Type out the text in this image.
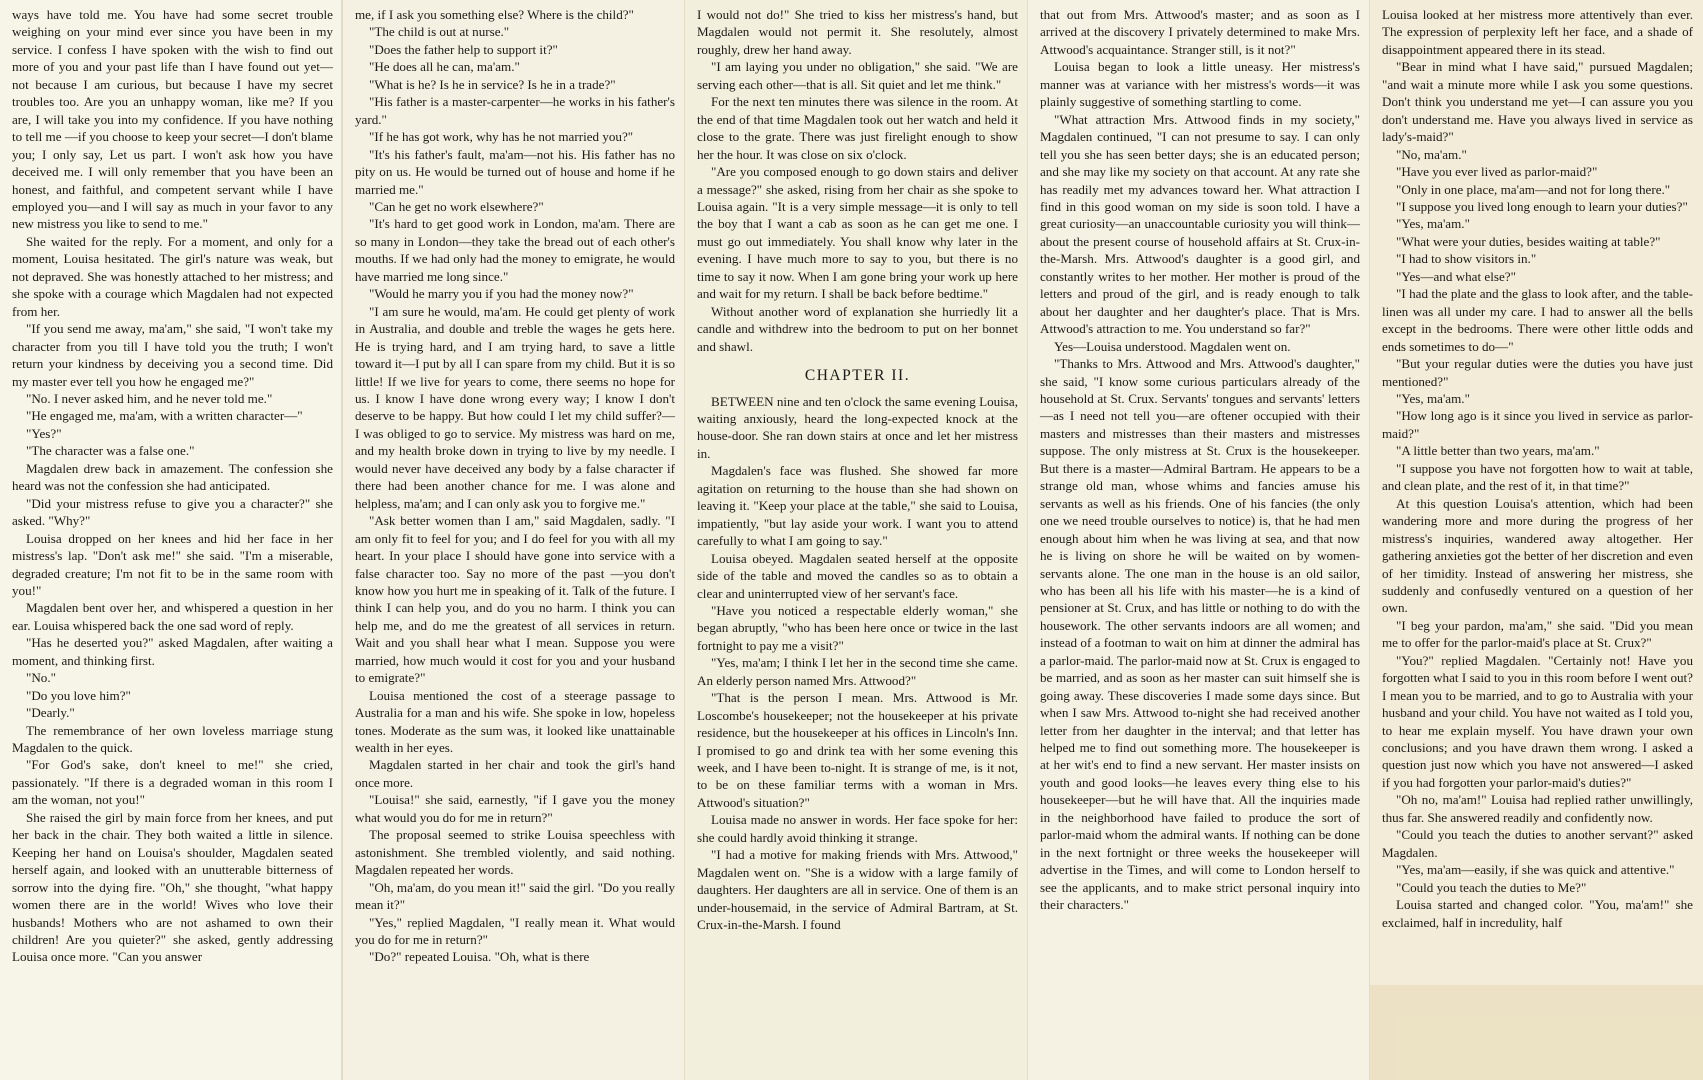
ways have told me. You have had some secret trouble weighing on your mind ever since you have been in my service. I confess I have spoken with the wish to find out more of you and your past life than I have found out yet— not because I am curious, but because I have my secret troubles too. Are you an unhappy woman, like me? If you are, I will take you into my confidence. If you have nothing to tell me —if you choose to keep your secret—I don't blame you; I only say, Let us part. I won't ask how you have deceived me. I will only remember that you have been an honest, and faithful, and competent servant while I have employed you—and I will say as much in your favor to any new mistress you like to send to me."

She waited for the reply. For a moment, and only for a moment, Louisa hesitated. The girl's nature was weak, but not depraved. She was honestly attached to her mistress; and she spoke with a courage which Magdalen had not expected from her.

"If you send me away, ma'am," she said, "I won't take my character from you till I have told you the truth; I won't return your kindness by deceiving you a second time. Did my master ever tell you how he engaged me?"

"No. I never asked him, and he never told me."

"He engaged me, ma'am, with a written character—"

"Yes?"

"The character was a false one."

Magdalen drew back in amazement. The confession she heard was not the confession she had anticipated.

"Did your mistress refuse to give you a character?" she asked. "Why?"

Louisa dropped on her knees and hid her face in her mistress's lap. "Don't ask me!" she said. "I'm a miserable, degraded creature; I'm not fit to be in the same room with you!"

Magdalen bent over her, and whispered a question in her ear. Louisa whispered back the one sad word of reply.

"Has he deserted you?" asked Magdalen, after waiting a moment, and thinking first.

"No."

"Do you love him?"

"Dearly."

The remembrance of her own loveless marriage stung Magdalen to the quick.

"For God's sake, don't kneel to me!" she cried, passionately. "If there is a degraded woman in this room I am the woman, not you!"

She raised the girl by main force from her knees, and put her back in the chair. They both waited a little in silence. Keeping her hand on Louisa's shoulder, Magdalen seated herself again, and looked with an unutterable bitterness of sorrow into the dying fire. "Oh," she thought, "what happy women there are in the world! Wives who love their husbands! Mothers who are not ashamed to own their children! Are you quieter?" she asked, gently addressing Louisa once more. "Can you answer

me, if I ask you something else? Where is the child?"

"The child is out at nurse."

"Does the father help to support it?"

"He does all he can, ma'am."

"What is he? Is he in service? Is he in a trade?"

"His father is a master-carpenter—he works in his father's yard."

"If he has got work, why has he not married you?"

"It's his father's fault, ma'am—not his. His father has no pity on us. He would be turned out of house and home if he married me."

"Can he get no work elsewhere?"

"It's hard to get good work in London, ma'am. There are so many in London—they take the bread out of each other's mouths. If we had only had the money to emigrate, he would have married me long since."

"Would he marry you if you had the money now?"

"I am sure he would, ma'am. He could get plenty of work in Australia, and double and treble the wages he gets here. He is trying hard, and I am trying hard, to save a little toward it—I put by all I can spare from my child. But it is so little! If we live for years to come, there seems no hope for us. I know I have done wrong every way; I know I don't deserve to be happy. But how could I let my child suffer?— I was obliged to go to service. My mistress was hard on me, and my health broke down in trying to live by my needle. I would never have deceived any body by a false character if there had been another chance for me. I was alone and helpless, ma'am; and I can only ask you to forgive me."

"Ask better women than I am," said Magdalen, sadly. "I am only fit to feel for you; and I do feel for you with all my heart. In your place I should have gone into service with a false character too. Say no more of the past —you don't know how you hurt me in speaking of it. Talk of the future. I think I can help you, and do you no harm. I think you can help me, and do me the greatest of all services in return. Wait and you shall hear what I mean. Suppose you were married, how much would it cost for you and your husband to emigrate?"

Louisa mentioned the cost of a steerage passage to Australia for a man and his wife. She spoke in low, hopeless tones. Moderate as the sum was, it looked like unattainable wealth in her eyes.

Magdalen started in her chair and took the girl's hand once more.

"Louisa!" she said, earnestly, "if I gave you the money what would you do for me in return?"

The proposal seemed to strike Louisa speechless with astonishment. She trembled violently, and said nothing. Magdalen repeated her words.

"Oh, ma'am, do you mean it!" said the girl. "Do you really mean it?"

"Yes," replied Magdalen, "I really mean it. What would you do for me in return?"

"Do?" repeated Louisa. "Oh, what is there

I would not do!" She tried to kiss her mistress's hand, but Magdalen would not permit it. She resolutely, almost roughly, drew her hand away.

"I am laying you under no obligation," she said. "We are serving each other—that is all. Sit quiet and let me think."

For the next ten minutes there was silence in the room. At the end of that time Magdalen took out her watch and held it close to the grate. There was just firelight enough to show her the hour. It was close on six o'clock.

"Are you composed enough to go down stairs and deliver a message?" she asked, rising from her chair as she spoke to Louisa again. "It is a very simple message—it is only to tell the boy that I want a cab as soon as he can get me one. I must go out immediately. You shall know why later in the evening. I have much more to say to you, but there is no time to say it now. When I am gone bring your work up here and wait for my return. I shall be back before bedtime."

Without another word of explanation she hurriedly lit a candle and withdrew into the bedroom to put on her bonnet and shawl.

CHAPTER II.

BETWEEN nine and ten o'clock the same evening Louisa, waiting anxiously, heard the long-expected knock at the house-door. She ran down stairs at once and let her mistress in.

Magdalen's face was flushed. She showed far more agitation on returning to the house than she had shown on leaving it. "Keep your place at the table," she said to Louisa, impatiently, "but lay aside your work. I want you to attend carefully to what I am going to say."

Louisa obeyed. Magdalen seated herself at the opposite side of the table and moved the candles so as to obtain a clear and uninterrupted view of her servant's face.

"Have you noticed a respectable elderly woman," she began abruptly, "who has been here once or twice in the last fortnight to pay me a visit?"

"Yes, ma'am; I think I let her in the second time she came. An elderly person named Mrs. Attwood?"

"That is the person I mean. Mrs. Attwood is Mr. Loscombe's housekeeper; not the housekeeper at his private residence, but the housekeeper at his offices in Lincoln's Inn. I promised to go and drink tea with her some evening this week, and I have been to-night. It is strange of me, is it not, to be on these familiar terms with a woman in Mrs. Attwood's situation?"

Louisa made no answer in words. Her face spoke for her: she could hardly avoid thinking it strange.

"I had a motive for making friends with Mrs. Attwood," Magdalen went on. "She is a widow with a large family of daughters. Her daughters are all in service. One of them is an under-housemaid, in the service of Admiral Bartram, at St. Crux-in-the-Marsh. I found

that out from Mrs. Attwood's master; and as soon as I arrived at the discovery I privately determined to make Mrs. Attwood's acquaintance. Stranger still, is it not?"

Louisa began to look a little uneasy. Her mistress's manner was at variance with her mistress's words—it was plainly suggestive of something startling to come.

"What attraction Mrs. Attwood finds in my society," Magdalen continued, "I can not presume to say. I can only tell you she has seen better days; she is an educated person; and she may like my society on that account. At any rate she has readily met my advances toward her. What attraction I find in this good woman on my side is soon told. I have a great curiosity—an unaccountable curiosity you will think—about the present course of household affairs at St. Crux-in-the-Marsh. Mrs. Attwood's daughter is a good girl, and constantly writes to her mother. Her mother is proud of the letters and proud of the girl, and is ready enough to talk about her daughter and her daughter's place. That is Mrs. Attwood's attraction to me. You understand so far?"

Yes—Louisa understood. Magdalen went on.

"Thanks to Mrs. Attwood and Mrs. Attwood's daughter," she said, "I know some curious particulars already of the household at St. Crux. Servants' tongues and servants' letters —as I need not tell you—are oftener occupied with their masters and mistresses than their masters and mistresses suppose. The only mistress at St. Crux is the housekeeper. But there is a master—Admiral Bartram. He appears to be a strange old man, whose whims and fancies amuse his servants as well as his friends. One of his fancies (the only one we need trouble ourselves to notice) is, that he had men enough about him when he was living at sea, and that now he is living on shore he will be waited on by women-servants alone. The one man in the house is an old sailor, who has been all his life with his master—he is a kind of pensioner at St. Crux, and has little or nothing to do with the housework. The other servants indoors are all women; and instead of a footman to wait on him at dinner the admiral has a parlor-maid. The parlor-maid now at St. Crux is engaged to be married, and as soon as her master can suit himself she is going away. These discoveries I made some days since. But when I saw Mrs. Attwood to-night she had received another letter from her daughter in the interval; and that letter has helped me to find out something more. The housekeeper is at her wit's end to find a new servant. Her master insists on youth and good looks—he leaves every thing else to his housekeeper—but he will have that. All the inquiries made in the neighborhood have failed to produce the sort of parlor-maid whom the admiral wants. If nothing can be done in the next fortnight or three weeks the housekeeper will advertise in the Times, and will come to London herself to see the applicants, and to make strict personal inquiry into their characters."

Louisa looked at her mistress more attentively than ever. The expression of perplexity left her face, and a shade of disappointment appeared there in its stead.

"Bear in mind what I have said," pursued Magdalen; "and wait a minute more while I ask you some questions. Don't think you understand me yet—I can assure you you don't understand me. Have you always lived in service as lady's-maid?"

"No, ma'am."

"Have you ever lived as parlor-maid?"

"Only in one place, ma'am—and not for long there."

"I suppose you lived long enough to learn your duties?"

"Yes, ma'am."

"What were your duties, besides waiting at table?"

"I had to show visitors in."

"Yes—and what else?"

"I had the plate and the glass to look after, and the table-linen was all under my care. I had to answer all the bells except in the bedrooms. There were other little odds and ends sometimes to do—"

"But your regular duties were the duties you have just mentioned?"

"Yes, ma'am."

"How long ago is it since you lived in service as parlor-maid?"

"A little better than two years, ma'am."

"I suppose you have not forgotten how to wait at table, and clean plate, and the rest of it, in that time?"

At this question Louisa's attention, which had been wandering more and more during the progress of her mistress's inquiries, wandered away altogether. Her gathering anxieties got the better of her discretion and even of her timidity. Instead of answering her mistress, she suddenly and confusedly ventured on a question of her own.

"I beg your pardon, ma'am," she said. "Did you mean me to offer for the parlor-maid's place at St. Crux?"

"You?" replied Magdalen. "Certainly not! Have you forgotten what I said to you in this room before I went out? I mean you to be married, and to go to Australia with your husband and your child. You have not waited as I told you, to hear me explain myself. You have drawn your own conclusions; and you have drawn them wrong. I asked a question just now which you have not answered—I asked if you had forgotten your parlor-maid's duties?"

"Oh no, ma'am!" Louisa had replied rather unwillingly, thus far. She answered readily and confidently now.

"Could you teach the duties to another servant?" asked Magdalen.

"Yes, ma'am—easily, if she was quick and attentive."

"Could you teach the duties to Me?"

Louisa started and changed color. "You, ma'am!" she exclaimed, half in incredulity, half
